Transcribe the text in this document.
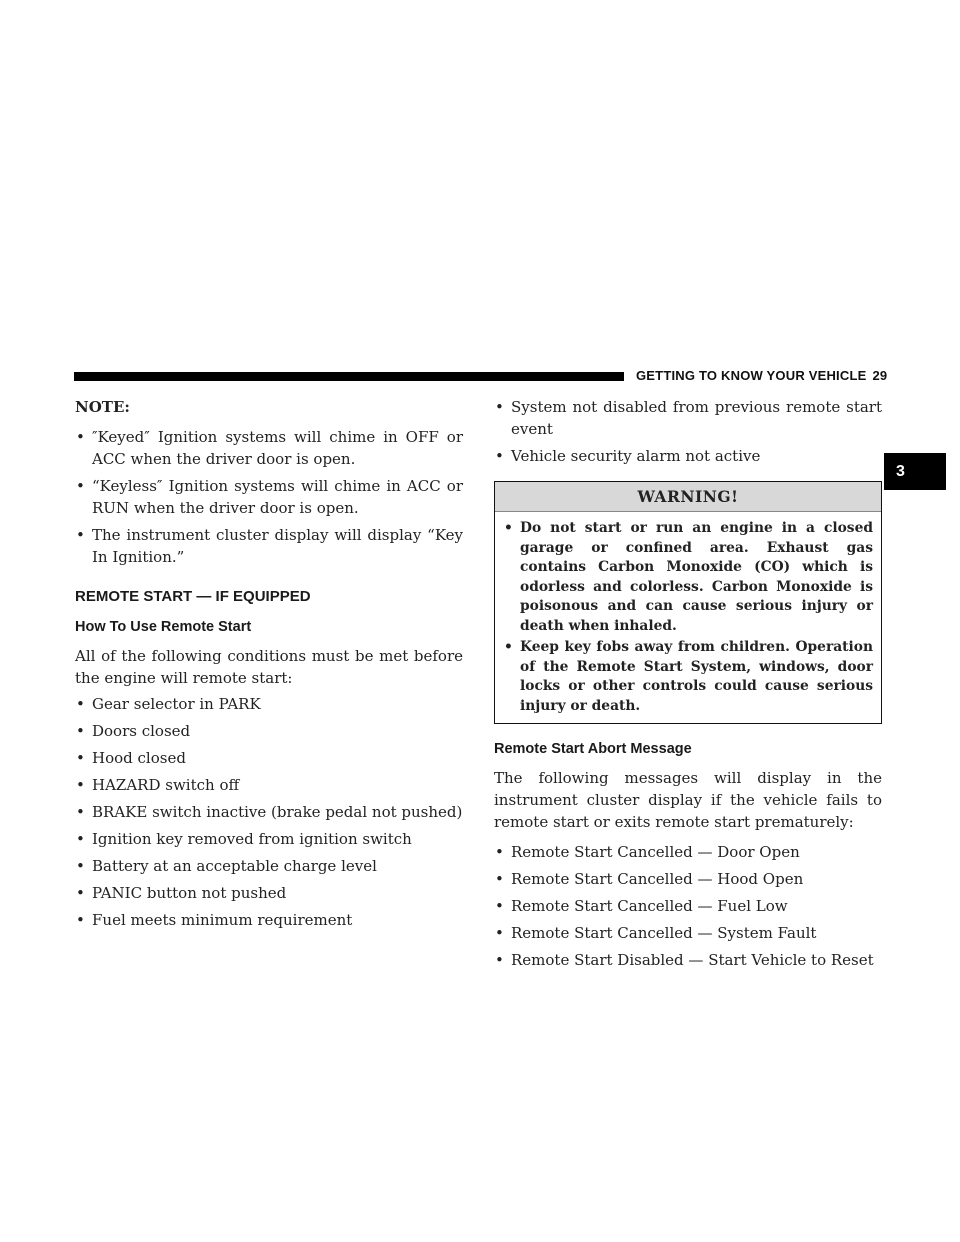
GETTING TO KNOW YOUR VEHICLE 29
3
NOTE:
• ″Keyed″ Ignition systems will chime in OFF or ACC when the driver door is open.
• “Keyless″ Ignition systems will chime in ACC or RUN when the driver door is open.
• The instrument cluster display will display “Key In Ignition.”
REMOTE START — IF EQUIPPED
How To Use Remote Start

All of the following conditions must be met before the engine will remote start:

• Gear selector in PARK
• Doors closed
• Hood closed
• HAZARD switch off
• BRAKE switch inactive (brake pedal not pushed)
• Ignition key removed from ignition switch
• Battery at an acceptable charge level
• PANIC button not pushed
• Fuel meets minimum requirement
• System not disabled from previous remote start event
• Vehicle security alarm not active
WARNING!
• Do not start or run an engine in a closed garage or confined area. Exhaust gas contains Carbon Monoxide (CO) which is odorless and colorless. Carbon Monoxide is poisonous and can cause serious injury or death when inhaled.
• Keep key fobs away from children. Operation of the Remote Start System, windows, door locks or other controls could cause serious injury or death.
Remote Start Abort Message

The following messages will display in the instrument cluster display if the vehicle fails to remote start or exits remote start prematurely:

• Remote Start Cancelled — Door Open
• Remote Start Cancelled — Hood Open
• Remote Start Cancelled — Fuel Low
• Remote Start Cancelled — System Fault
• Remote Start Disabled — Start Vehicle to Reset
